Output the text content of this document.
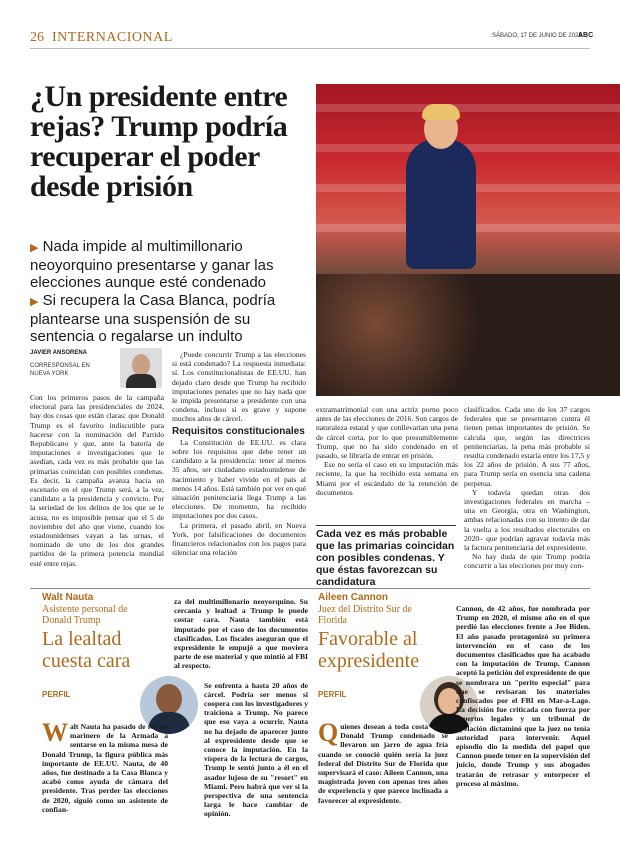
26 INTERNACIONAL	SÁBADO, 17 DE JUNIO DE 2023
ABC
¿Un presidente entre rejas? Trump podría recuperar el poder desde prisión

▶ Nada impide al multimillonario neoyorquino presentarse y ganar las elecciones aunque esté condenado

▶ Si recupera la Casa Blanca, podría plantearse una suspensión de su sentencia o regalarse un indulto

JAVIER ANSORENA
CORRESPONSAL EN NUEVA YORK

Con los primeros pasos de la campaña electoral para las presidenciales de 2024, hay dos cosas que están claras: que Donald Trump es el favorito indiscutible para hacerse con la nominación del Partido Republicano y que, ante la batería de imputaciones e investigaciones que le asedian, cada vez es más probable que las primarias coincidan con posibles condenas. Es decir, la campaña avanza hacia un escenario en el que Trump será, a la vez, candidato a la presidencia y convicto. Por la seriedad de los delitos de los que se le acusa, no es imposible pensar que el 5 de noviembre del año que viene, cuando los estadounidenses vayan a las urnas, el nominado de uno de los dos grandes partidos de la primera potencia mundial esté entre rejas.

¿Puede concurrir Trump a las elecciones si está condenado? La respuesta inmediata: sí. Los constitucionalistas de EE.UU. han dejado claro desde que Trump ha recibido imputaciones penales que no hay nada que le impida presentarse a presidente con una condena, incluso si es grave y supone muchos años de cárcel.

Requisitos constitucionales

La Constitución de EE.UU. es clara sobre los requisitos que debe tener un candidato a la presidencia: tener al menos 35 años, ser ciudadano estadounidense de nacimiento y haber vivido en el país al menos 14 años. Está también por ver en qué situación penitenciaria llega Trump a las elecciones. De momento, ha recibido imputaciones por dos casos.

La primera, el pasado abril, en Nueva York, por falsificaciones de documentos financieros relacionados con los pagos para silenciar una relación

extramatrimonial con una actriz porno poco antes de las elecciones de 2016. Son cargos de naturaleza estatal y que conllevarían una pena de cárcel corta, por lo que presumiblemente Trump, que no ha sido condenado en el pasado, se libraría de entrar en prisión.

Ese no sería el caso en su imputación más reciente, la que ha recibido esta semana en Miami por el escándalo de la retención de documentos

Cada vez es más probable que las primarias coincidan con posibles condenas. Y que éstas favorezcan su candidatura

clasificados. Cada uno de los 37 cargos federales que se presentaron contra él tienen penas importantes de prisión. Se calcula que, según las directrices penitenciarias, la pena más probable si resulta condenado estaría entre los 17,5 y los 22 años de prisión. A sus 77 años, para Trump sería en esencia una cadena perpetua.

Y todavía quedan otras dos investigaciones federales en marcha –una en Georgia, otra en Washington, ambas relacionadas con su intento de dar la vuelta a los resultados electorales en 2020– que podrían agravar todavía más la factura penitenciaria del expresidente.

No hay duda de que Trump podría concurrir a las elecciones por muy con-

Walt Nauta
Asistente personal de Donald Trump
La lealtad cuesta cara
PERFIL

Walt Nauta ha pasado de ser un marinero de la Armada a sentarse en la misma mesa de Donald Trump, la figura pública más importante de EE.UU. Nauta, de 40 años, fue destinado a la Casa Blanca y acabó como ayuda de cámara del presidente. Tras perder las elecciones de 2020, siguió como un asistente de confian-

za del multimillonario neoyorquino. Su cercanía y lealtad a Trump le puede costar cara. Nauta también está imputado por el caso de los documentos clasificados. Los fiscales aseguran que el expresidente le empujó a que moviera parte de ese material y que mintió al FBI al respecto.

Se enfrenta a hasta 20 años de cárcel. Podría ser menos si coopera con los investigadores y traiciona a Trump. No parece que eso vaya a ocurrir. Nauta no ha dejado de aparecer junto al expresidente desde que se conoce la imputación. En la víspera de la lectura de cargos, Trump le sentó junto a él en el asador lujoso de su "resort" en Miami. Pero habrá que ver si la perspectiva de una sentencia larga le hace cambiar de opinión.

Aileen Cannon
Juez del Distrito Sur de Florida
Favorable al expresidente
PERFIL

Quienes desean a toda costa ver a Donald Trump condenado se llevaron un jarro de agua fría cuando se conoció quién sería la juez federal del Distrito Sur de Florida que supervisará el caso: Aileen Cannon, una magistrada joven con apenas tres años de experiencia y que parece inclinada a favorecer al expresidente.

Cannon, de 42 años, fue nombrada por Trump en 2020, el mismo año en el que perdió las elecciones frente a Joe Biden. El año pasado protagonizó su primera intervención en el caso de los documentos clasificados que ha acabado con la imputación de Trump. Cannon aceptó la petición del expresidente de que se nombrara un "perito especial" para que se revisaran los materiales confiscados por el FBI en Mar-a-Lago. La decisión fue criticada con fuerza por expertos legales y un tribunal de apelación dictaminó que la juez no tenía autoridad para intervenir. Aquel episodio dio la medida del papel que Cannon puede tener en la supervisión del juicio, donde Trump y sus abogados tratarán de retrasar y entorpecer el proceso al máximo.
